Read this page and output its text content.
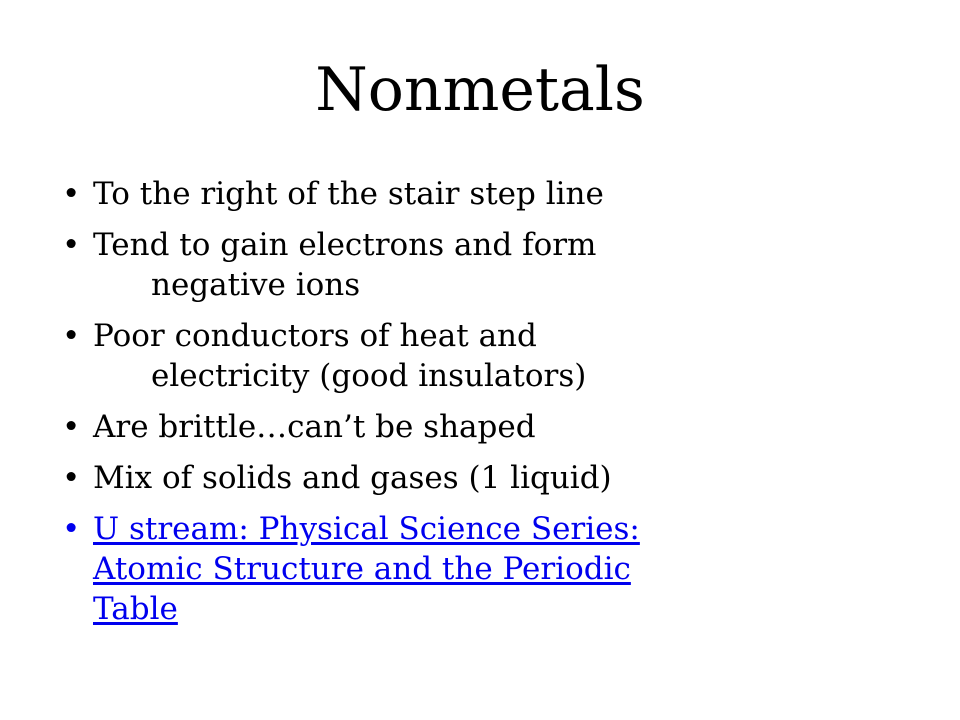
Nonmetals
• To the right of the stair step line
• Tend to gain electrons and form
negative ions
• Poor conductors of heat and
electricity (good insulators)
• Are brittle…can’t be shaped
• Mix of solids and gases (1 liquid)
• U stream: Physical Science Series:
Atomic Structure and the Periodic
Table
